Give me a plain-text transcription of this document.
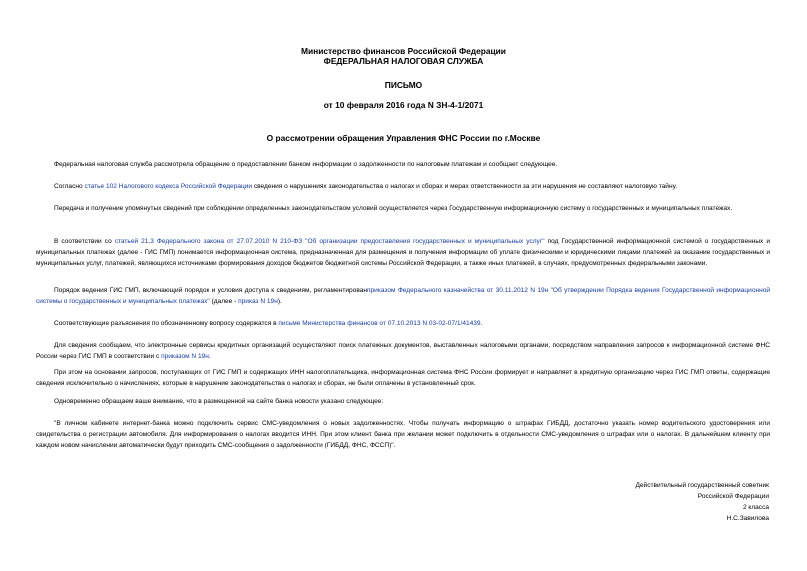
Министерство финансов Российской Федерации
ФЕДЕРАЛЬНАЯ НАЛОГОВАЯ СЛУЖБА
ПИСЬМО
от 10 февраля 2016 года N ЗН-4-1/2071
О рассмотрении обращения Управления ФНС России по г.Москве
Федеральная налоговая служба рассмотрела обращение о предоставлении банком информации о задолженности по налоговым платежам и сообщает следующее.
Согласно статье 102 Налогового кодекса Российской Федерации сведения о нарушениях законодательства о налогах и сборах и мерах ответственности за эти нарушения не составляют налоговую тайну.
Передача и получение упомянутых сведений при соблюдении определенных законодательством условий осуществляется через Государственную информационную систему о государственных и муниципальных платежах.
В соответствии со статьей 21.3 Федерального закона от 27.07.2010 N 210-ФЗ "Об организации предоставления государственных и муниципальных услуг" под Государственной информационной системой о государственных и муниципальных платежах (далее - ГИС ГМП) понимается информационная система, предназначенная для размещения и получения информации об уплате физическими и юридическими лицами платежей за оказание государственных и муниципальных услуг, платежей, являющихся источниками формирования доходов бюджетов бюджетной системы Российской Федерации, а также иных платежей, в случаях, предусмотренных федеральными законами.
Порядок ведения ГИС ГМП, включающий порядок и условия доступа к сведениям, регламентированприказом Федерального казначейства от 30.11.2012 N 19н "Об утверждении Порядка ведения Государственной информационной системы о государственных и муниципальных платежах" (далее - приказ N 19н).
Соответствующие разъяснения по обозначенному вопросу содержатся в письме Министерства финансов от 07.10.2013 N 03-02-07/1/41439.
Для сведения сообщаем, что электронные сервисы кредитных организаций осуществляют поиск платежных документов, выставленных налоговыми органами, посредством направления запросов к информационной системе ФНС России через ГИС ГМП в соответствии с приказом N 19н.
При этом на основании запросов, поступающих от ГИС ГМП и содержащих ИНН налогоплательщика, информационная система ФНС России формирует и направляет в кредитную организацию через ГИС ГМП ответы, содержащие сведения исключительно о начислениях, которые в нарушение законодательства о налогах и сборах, не были оплачены в установленный срок.
Одновременно обращаем ваше внимание, что в размещенной на сайте банка новости указано следующее:
"В личном кабинете интернет-банка можно подключить сервис СМС-уведомления о новых задолженностях. Чтобы получать информацию о штрафах ГИБДД, достаточно указать номер водительского удостоверения или свидетельства о регистрации автомобиля. Для информирования о налогах вводится ИНН. При этом клиент банка при желании может подключить в отдельности СМС-уведомления о штрафах или о налогах. В дальнейшем клиенту при каждом новом начислении автоматически будут приходить СМС-сообщения о задолженности (ГИБДД, ФНС, ФССП)".
Действительный государственный советник
Российской Федерации
2 класса
Н.С.Завилова
